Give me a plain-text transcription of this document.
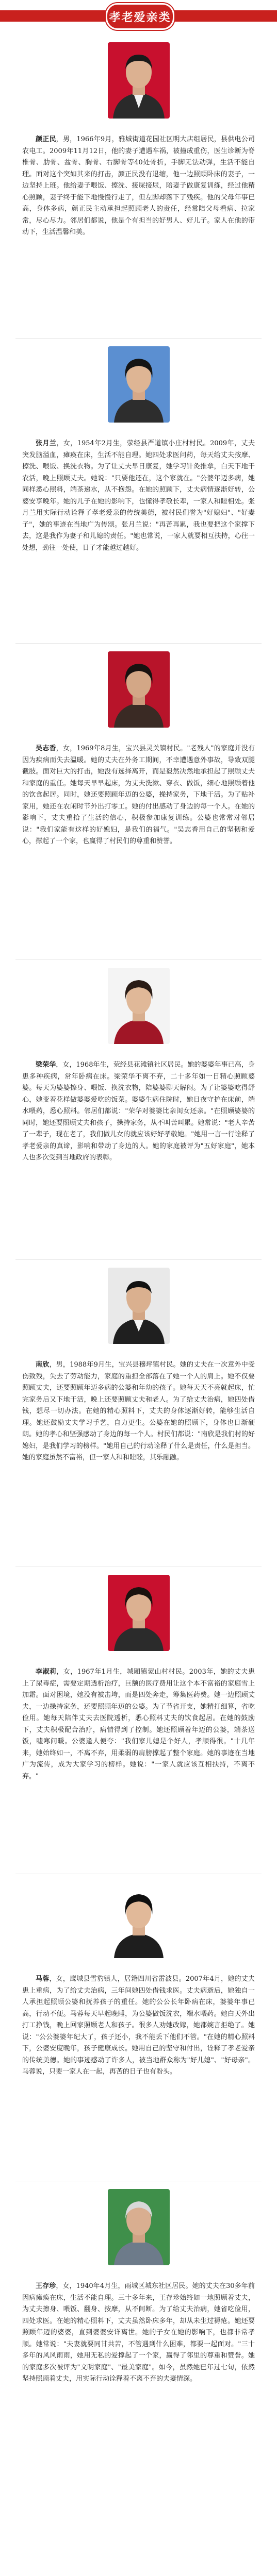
孝老爱亲类

颜正民，男，1966年9月，雅城街道花园社区明大店组居民，县供电公司农电工。2009年11月12日，他的妻子遭遇车祸，被撞成重伤，医生诊断为脊椎骨、肋骨、盆骨、胸骨、右脚骨等40处骨折，手脚无法动弹，生活不能自理。面对这个突如其来的打击，颜正民没有退缩，他一边照顾卧床的妻子，一边坚持上班。他给妻子喂饭、擦洗、接屎接尿，陪妻子做康复训练，经过他精心照顾，妻子终于能下地慢慢行走了，但左脚却落下了残疾。他的父母年事已高，身体多病，颜正民主动承担起照顾老人的责任，经常陪父母看病、拉家常，尽心尽力。邻居们都说，他是个有担当的好男人、好儿子。家人在他的带动下，生活温馨和美。

张月兰，女，1954年2月生，荥经县严道镇小庄村村民。2009年，丈夫突发脑溢血，瘫痪在床，生活不能自理。她四处求医问药，每天给丈夫按摩、擦洗、喂饭、换洗衣物。为了让丈夫早日康复，她学习针灸推拿，白天下地干农活，晚上照顾丈夫。她说："只要他还在，这个家就在。"公婆年迈多病，她同样悉心照料，端茶递水，从不抱怨。在她的照顾下，丈夫病情逐渐好转，公婆安享晚年。她的儿子在她的影响下，也懂得孝敬长辈，一家人和睦相处。张月兰用实际行动诠释了孝老爱亲的传统美德，被村民们誉为"好媳妇"、"好妻子"，她的事迹在当地广为传颂。张月兰说："再苦再累，我也要把这个家撑下去，这是我作为妻子和儿媳的责任。"她也常说，一家人就要相互扶持，心往一处想，劲往一处使，日子才能越过越好。

吴志香，女，1969年8月生，宝兴县灵关镇村民。"老残人"的家庭并没有因为疾病而失去温暖。她的丈夫在外务工期间，不幸遭遇意外事故，导致双腿截肢。面对巨大的打击，她没有选择离开，而是毅然决然地承担起了照顾丈夫和家庭的重任。她每天早早起床，为丈夫洗漱、穿衣、做饭，细心地照顾着他的饮食起居。同时，她还要照顾年迈的公婆，操持家务，下地干活。为了贴补家用，她还在农闲时节外出打零工。她的付出感动了身边的每一个人。在她的影响下，丈夫重拾了生活的信心，积极参加康复训练。公婆也常常对邻居说："我们家能有这样的好媳妇，是我们的福气。"吴志香用自己的坚韧和爱心，撑起了一个家，也赢得了村民们的尊重和赞誉。

梁荣华，女，1968年生，荥经县花滩镇社区居民。她的婆婆年事已高，身患多种疾病，常年卧病在床。梁荣华不离不弃，二十多年如一日精心照顾婆婆。每天为婆婆擦身、喂饭、换洗衣物，陪婆婆聊天解闷。为了让婆婆吃得舒心，她变着花样做婆婆爱吃的饭菜。婆婆生病住院时，她日夜守护在床前，端水喂药，悉心照料。邻居们都说："荣华对婆婆比亲闺女还亲。"在照顾婆婆的同时，她还要照顾丈夫和孩子，操持家务，从不叫苦叫累。她常说："老人辛苦了一辈子，现在老了，我们做儿女的就应该好好孝敬她。"她用一言一行诠释了孝老爱亲的真谛，影响和带动了身边的人。她的家庭被评为"五好家庭"，她本人也多次受到当地政府的表彰。

南欣，男，1988年9月生，宝兴县穆坪镇村民。她的丈夫在一次意外中受伤致残，失去了劳动能力，家庭的重担全部落在了她一个人的肩上。她不仅要照顾丈夫，还要照顾年迈多病的公婆和年幼的孩子。她每天天不亮就起床，忙完家务后又下地干活，晚上还要照顾丈夫和老人。为了给丈夫治病，她四处借钱，想尽一切办法。在她的精心照料下，丈夫的身体逐渐好转，能够生活自理。她还鼓励丈夫学习手艺，自力更生。公婆在她的照顾下，身体也日渐硬朗。她的孝心和坚强感动了身边的每一个人。村民们都说："南欣是我们村的好媳妇，是我们学习的榜样。"她用自己的行动诠释了什么是责任，什么是担当。她的家庭虽然不富裕，但一家人和和睦睦，其乐融融。

李淑莉，女，1967年1月生，城厢镇蒙山村村民。2003年，她的丈夫患上了尿毒症，需要定期透析治疗，巨额的医疗费用让这个本不富裕的家庭雪上加霜。面对困境，她没有被击垮，而是四处奔走，筹集医药费。她一边照顾丈夫，一边操持家务，还要照顾年迈的公婆。为了节省开支，她精打细算，省吃俭用。她每天陪伴丈夫去医院透析，悉心照料丈夫的饮食起居。在她的鼓励下，丈夫积极配合治疗，病情得到了控制。她还照顾着年迈的公婆，端茶送饭，嘘寒问暖。公婆逢人便夸："我们家儿媳是个好人，孝顺得很。"十几年来，她始终如一，不离不弃，用柔弱的肩膀撑起了整个家庭。她的事迹在当地广为流传，成为大家学习的榜样。她说："一家人就应该互相扶持，不离不弃。"

马蓉，女，鹰城县雪豹镇人，居籍四川省雷波县。2007年4月，她的丈夫患上重病，为了给丈夫治病，三年间她四处借钱求医。丈夫病逝后，她独自一人承担起照顾公婆和抚养孩子的重任。她的公公长年卧病在床，婆婆年事已高，行动不便。马蓉每天早起晚睡，为公婆做饭洗衣，端水喂药。她白天外出打工挣钱，晚上回家照顾老人和孩子。很多人劝她改嫁，她都婉言拒绝了。她说："公公婆婆年纪大了，孩子还小，我不能丢下他们不管。"在她的精心照料下，公婆安度晚年，孩子健康成长。她用自己的坚守和付出，诠释了孝老爱亲的传统美德。她的事迹感动了许多人，被当地群众称为"好儿媳"、"好母亲"。马蓉说，只要一家人在一起，再苦的日子也有盼头。

王存珍，女，1940年4月生，雨城区城东社区居民。她的丈夫在30多年前因病瘫痪在床，生活不能自理。三十多年来，王存珍始终如一地照顾着丈夫，为丈夫擦身、喂饭、翻身、按摩，从不间断。为了给丈夫治病，她省吃俭用，四处求医。在她的精心照料下，丈夫虽然卧床多年，却从未生过褥疮。她还要照顾年迈的婆婆，直到婆婆安详离世。她的子女在她的影响下，也都非常孝顺。她常说："夫妻就要同甘共苦，不管遇到什么困难，都要一起面对。"三十多年的风风雨雨，她用无私的爱撑起了一个家，赢得了邻里的尊重和赞誉。她的家庭多次被评为"文明家庭"、"最美家庭"。如今，虽然她已年过七旬，依然坚持照顾着丈夫，用实际行动诠释着不离不弃的夫妻情深。
